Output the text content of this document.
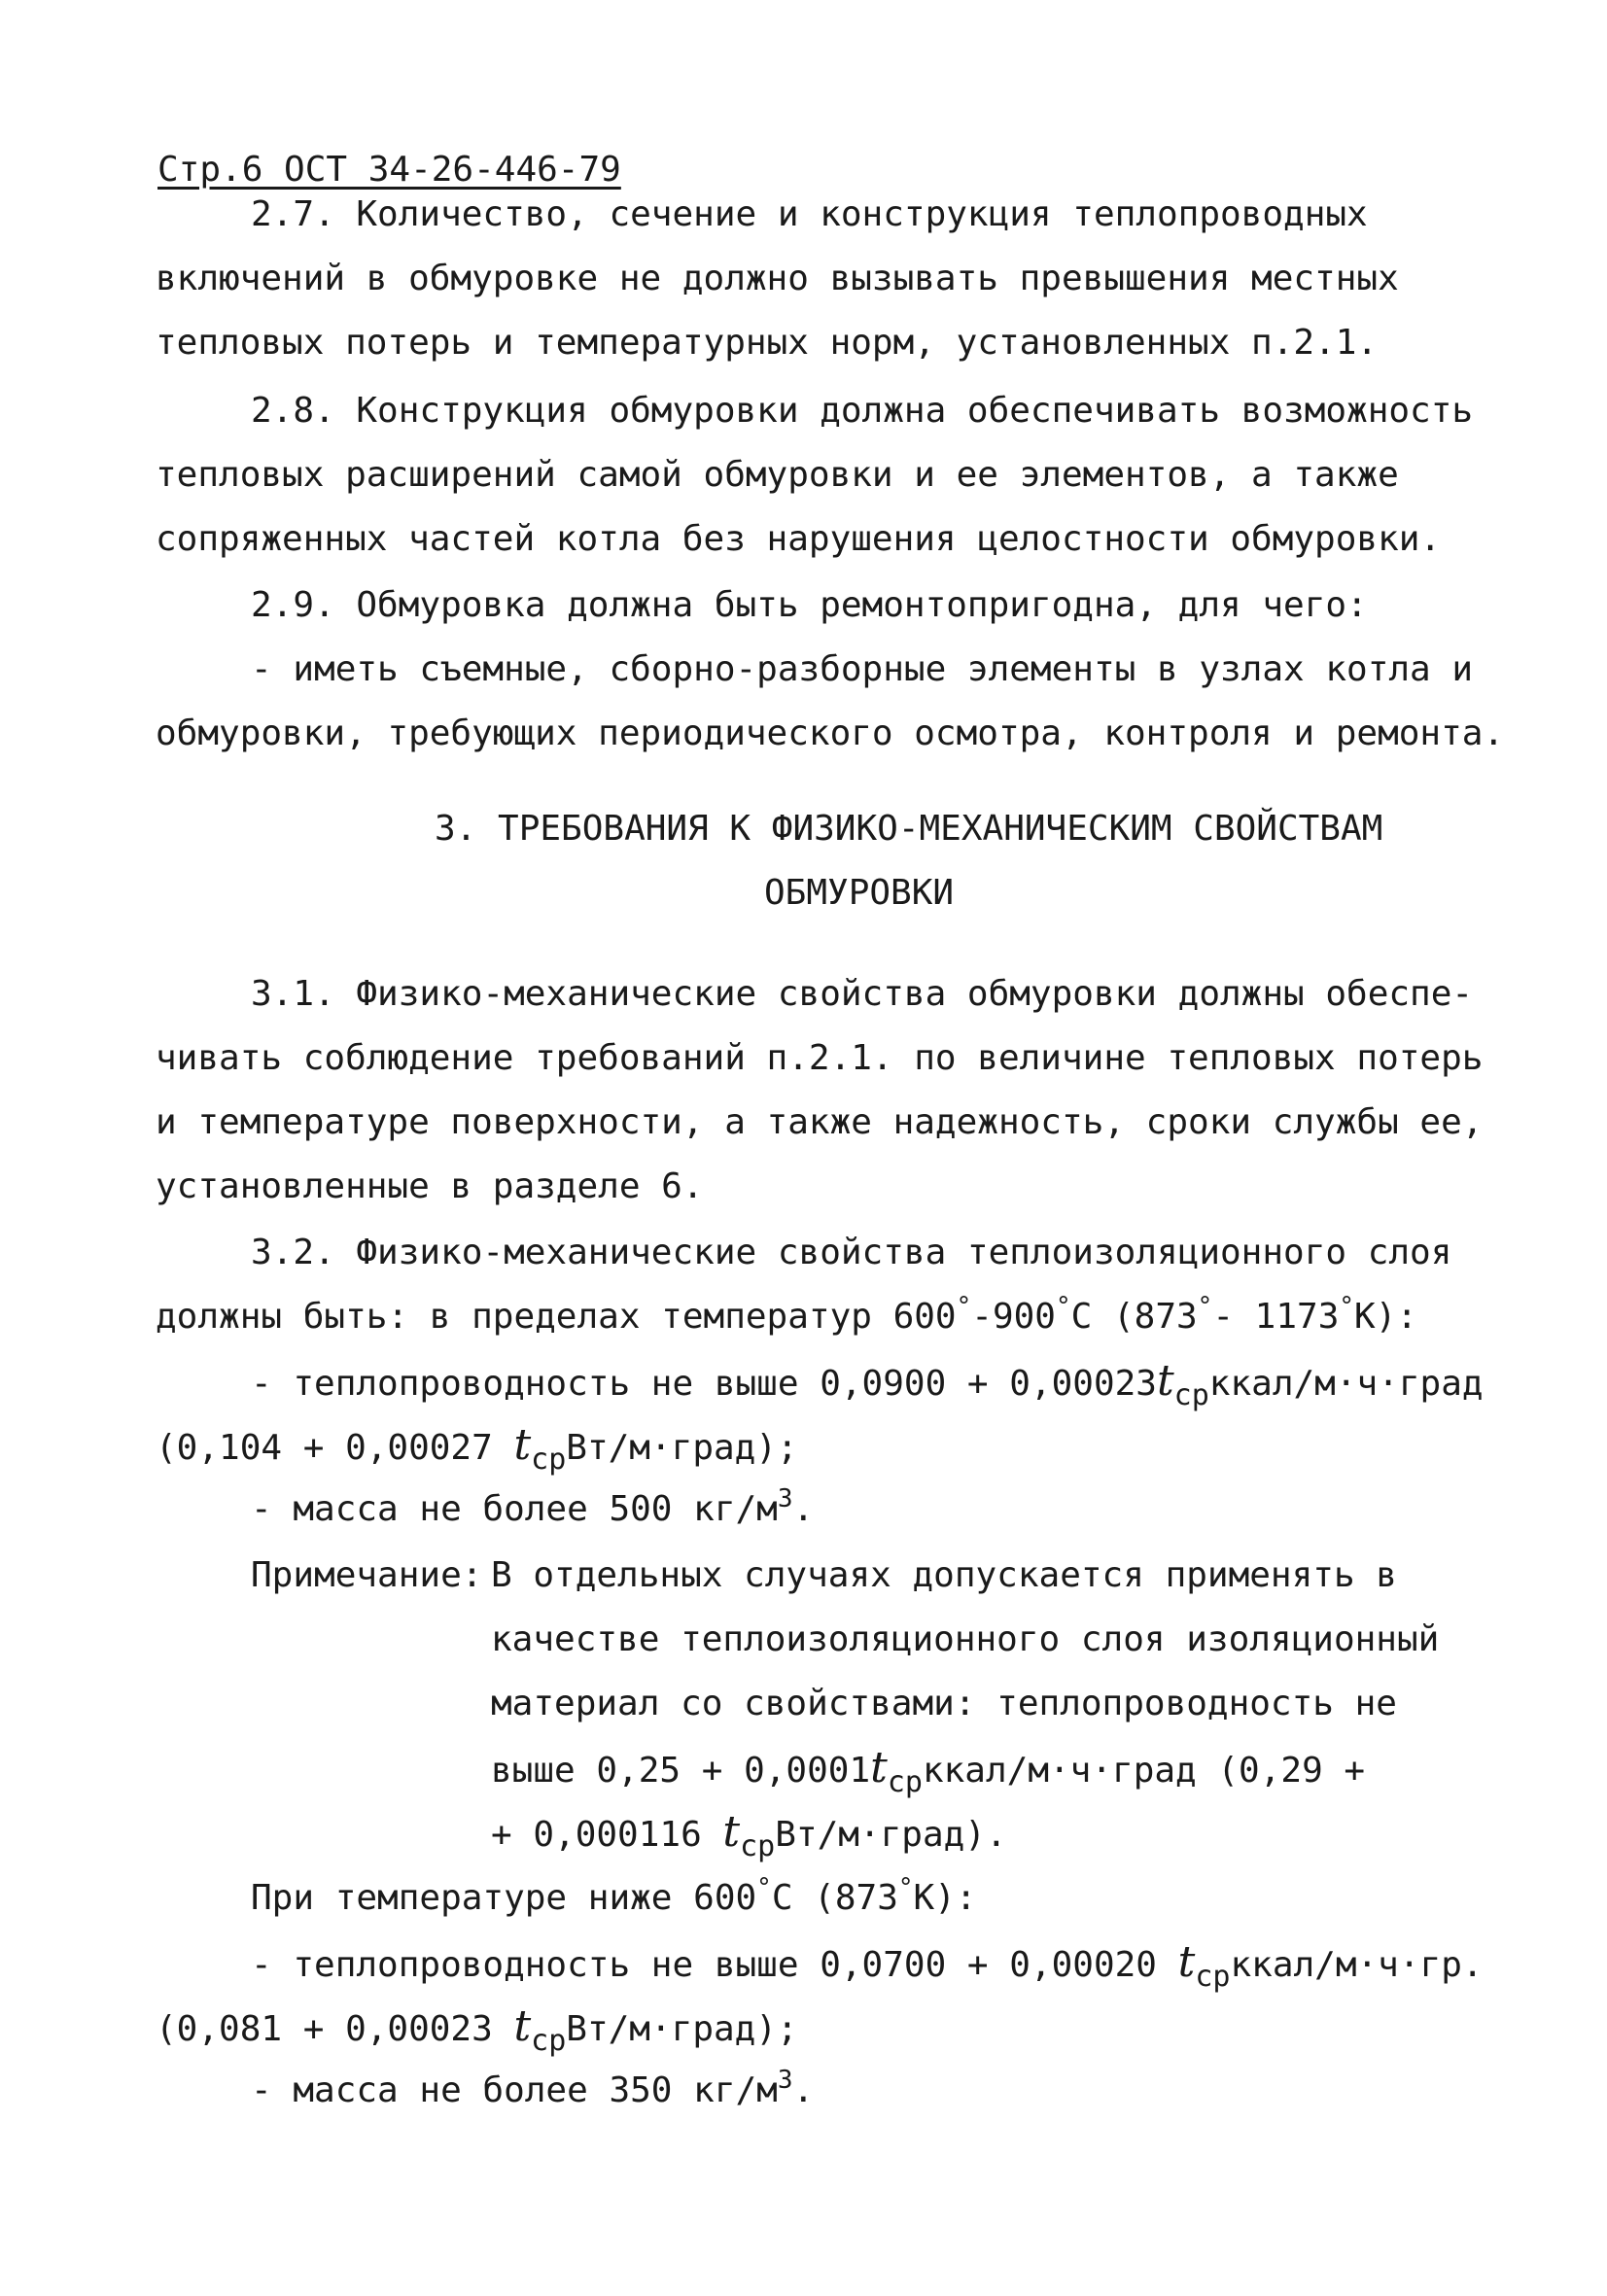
Стр.6 ОСТ 34-26-446-79
2.7. Количество, сечение и конструкция теплопроводных
включений в обмуровке не должно вызывать превышения местных
тепловых потерь и температурных норм, установленных п.2.1.
2.8. Конструкция обмуровки должна обеспечивать возможность
тепловых расширений самой обмуровки и ее элементов, а также
сопряженных частей котла без нарушения целостности обмуровки.
2.9. Обмуровка должна быть ремонтопригодна, для чего:
- иметь съемные, сборно-разборные элементы в узлах котла и
обмуровки, требующих периодического осмотра, контроля и ремонта.
3. ТРЕБОВАНИЯ К ФИЗИКО-МЕХАНИЧЕСКИМ СВОЙСТВАМ
ОБМУРОВКИ
3.1. Физико-механические свойства обмуровки должны обеспе-
чивать соблюдение требований п.2.1. по величине тепловых потерь
и температуре поверхности, а также надежность, сроки службы ее,
установленные в разделе 6.
3.2. Физико-механические свойства теплоизоляционного слоя
должны быть: в пределах температур 600°-900°С (873°- 1173°К):
- теплопроводность не выше $0,0900 + 0,00023t_{ср}ккал/м\cdot ч\cdot град$
(0,104 + 0,00027 $t_{ср}Вт/м\cdot град$);
- масса не более 500 $кг/м^3$.
Примечание: В отдельных случаях допускается применять в
качестве теплоизоляционного слоя изоляционный
материал со свойствами: теплопроводность не
выше $0,25 + 0,0001t_{ср}ккал/м\cdot ч\cdot град$ (0,29 +
+ 0,000116 $t_{ср}Вт/м\cdot град$).
При температуре ниже 600°С (873°К):
- теплопроводность не выше 0,0700 + 0,00020 $t_{ср}ккал/м\cdot ч\cdot гр$.
(0,081 + 0,00023 $t_{ср}Вт/м\cdot град$);
- масса не более 350 $кг/м^3$.
